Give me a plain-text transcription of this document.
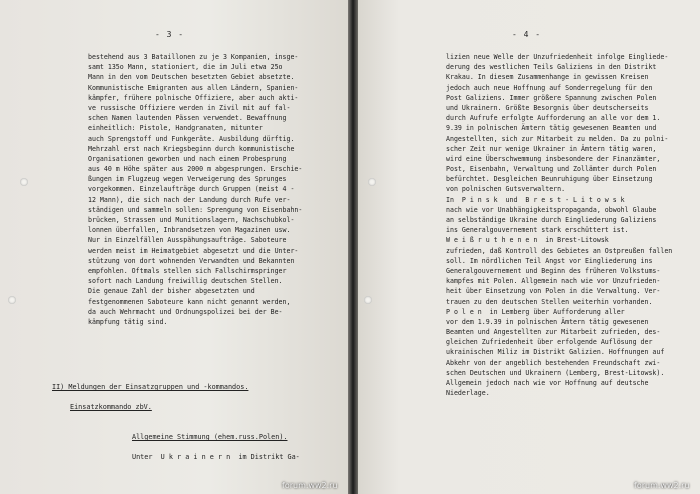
- 3 -
bestehend aus 3 Bataillonen zu je 3 Kompanien, insge-
samt 135o Mann, stationiert, die im Juli etwa 25o
Mann in den vom Deutschen besetzten Gebiet absetzte.
Kommunistische Emigranten aus allen Ländern, Spanien-
kämpfer, frühere polnische Offiziere, aber auch akti-
ve russische Offiziere werden in Zivil mit auf fal-
schen Namen lautenden Pässen verwendet. Bewaffnung
einheitlich: Pistole, Handgranaten, mitunter
auch Sprengstoff und Funkgeräte. Ausbildung dürftig.
Mehrzahl erst nach Kriegsbeginn durch kommunistische
Organisationen geworben und nach einem Probesprung
aus 40 m Höhe später aus 2000 m abgesprungen. Erschie-
ßungen im Flugzeug wegen Verweigerung des Sprunges
vorgekommen. Einzelaufträge durch Gruppen (meist 4 -
12 Mann), die sich nach der Landung durch Rufe ver-
ständigen und sammeln sollen: Sprengung von Eisenbahn-
brücken, Strassen und Munitionslagern, Nachschubkol-
lonnen überfallen, Inbrandsetzen von Magazinen usw.
Nur in Einzelfällen Ausspähungsaufträge. Saboteure
werden meist im Heimatgebiet abgesetzt und die Unter-
stützung von dort wohnenden Verwandten und Bekannten
empfohlen. Oftmals stellen sich Fallschirmspringer
sofort nach Landung freiwillig deutschen Stellen.
Die genaue Zahl der bisher abgesetzten und
festgenommenen Saboteure kann nicht genannt werden,
da auch Wehrmacht und Ordnungspolizei bei der Be-
kämpfung tätig sind.
II) Meldungen der Einsatzgruppen und -kommandos.
Einsatzkommando zbV.
Allgemeine Stimmung (ehem.russ.Polen).
Unter  U k r a i n e r n  im Distrikt Ga-
forum.ww2.ru
- 4 -
lizien neue Welle der Unzufriedenheit infolge Eingliede-
derung des westlichen Teils Galiziens in den Distrikt
Krakau. In diesem Zusammenhange in gewissen Kreisen
jedoch auch neue Hoffnung auf Sonderregelung für den
Post Galiziens. Immer größere Spannung zwischen Polen
und Ukrainern. Größte Besorgnis über deutscherseits
durch Aufrufe erfolgte Aufforderung an alle vor dem 1.
9.39 in polnischen Ämtern tätig gewesenen Beamten und
Angestellten, sich zur Mitarbeit zu melden. Da zu polni-
scher Zeit nur wenige Ukrainer in Ämtern tätig waren,
wird eine Überschwemmung insbesondere der Finanzämter,
Post, Eisenbahn, Verwaltung und Zollämter durch Polen
befürchtet. Desgleichen Beunruhigung über Einsetzung
von polnischen Gutsverwaltern.
In  P i n s k  und  B r e s t - L i t o w s k
nach wie vor Unabhängigkeitspropaganda, obwohl Glaube
an selbständige Ukraine durch Eingliederung Galiziens
ins Generalgouvernement stark erschüttert ist.
W e i ß r u t h e n e n  in Brest-Litowsk
zufrieden, daß Kontroll des Gebietes an Ostpreußen fallen
soll. Im nördlichen Teil Angst vor Eingliederung ins
Generalgouvernement und Beginn des früheren Volkstums-
kampfes mit Polen. Allgemein nach wie vor Unzufrieden-
heit über Einsetzung von Polen in die Verwaltung. Ver-
trauen zu den deutschen Stellen weiterhin vorhanden.
P o l e n  in Lemberg über Aufforderung aller
vor dem 1.9.39 in polnischen Ämtern tätig gewesenen
Beamten und Angestellten zur Mitarbeit zufrieden, des-
gleichen Zufriedenheit über erfolgende Auflösung der
ukrainischen Miliz im Distrikt Galizien. Hoffnungen auf
Abkehr von der angeblich bestehenden Freundschaft zwi-
schen Deutschen und Ukrainern (Lemberg, Brest-Litowsk).
Allgemein jedoch nach wie vor Hoffnung auf deutsche
Niederlage.
forum.ww2.ru
